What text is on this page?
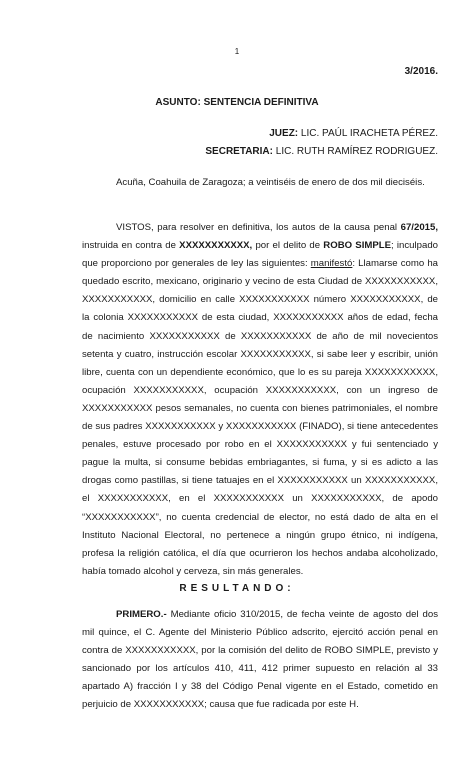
1
3/2016.
ASUNTO: SENTENCIA DEFINITIVA
JUEZ: LIC. PAÚL IRACHETA PÉREZ.
SECRETARIA: LIC. RUTH RAMÍREZ RODRIGUEZ.
Acuña, Coahuila de Zaragoza; a veintiséis de enero de dos mil dieciséis.
VISTOS, para resolver en definitiva, los autos de la causa penal 67/2015, instruida en contra de XXXXXXXXXXX, por el delito de ROBO SIMPLE; inculpado que proporciono por generales de ley las siguientes: manifestó: Llamarse como ha quedado escrito, mexicano, originario y vecino de esta Ciudad de XXXXXXXXXXX, XXXXXXXXXXX, domicilio en calle XXXXXXXXXXX número XXXXXXXXXXX, de la colonia XXXXXXXXXXX de esta ciudad, XXXXXXXXXXX años de edad, fecha de nacimiento XXXXXXXXXXX de XXXXXXXXXXX de año de mil novecientos setenta y cuatro, instrucción escolar XXXXXXXXXXX, si sabe leer y escribir, unión libre, cuenta con un dependiente económico, que lo es su pareja XXXXXXXXXXX, ocupación XXXXXXXXXXX, ocupación XXXXXXXXXXX, con un ingreso de XXXXXXXXXXX pesos semanales, no cuenta con bienes patrimoniales, el nombre de sus padres XXXXXXXXXXX y XXXXXXXXXXX (FINADO), si tiene antecedentes penales, estuve procesado por robo en el XXXXXXXXXXX y fui sentenciado y pague la multa, si consume bebidas embriagantes, si fuma, y si es adicto a las drogas como pastillas, si tiene tatuajes en el XXXXXXXXXXX un XXXXXXXXXXX, el XXXXXXXXXXX, en el XXXXXXXXXXX un XXXXXXXXXXX, de apodo “XXXXXXXXXXX”, no cuenta credencial de elector, no está dado de alta en el Instituto Nacional Electoral, no pertenece a ningún grupo étnico, ni indígena, profesa la religión católica, el día que ocurrieron los hechos andaba alcoholizado, había tomado alcohol y cerveza, sin más generales.
RESULTANDO:
PRIMERO.- Mediante oficio 310/2015, de fecha veinte de agosto del dos mil quince, el C. Agente del Ministerio Público adscrito, ejercitó acción penal en contra de XXXXXXXXXXX, por la comisión del delito de ROBO SIMPLE, previsto y sancionado por los artículos 410, 411, 412 primer supuesto en relación al 33 apartado A) fracción I y 38 del Código Penal vigente en el Estado, cometido en perjuicio de XXXXXXXXXXX; causa que fue radicada por este H.
